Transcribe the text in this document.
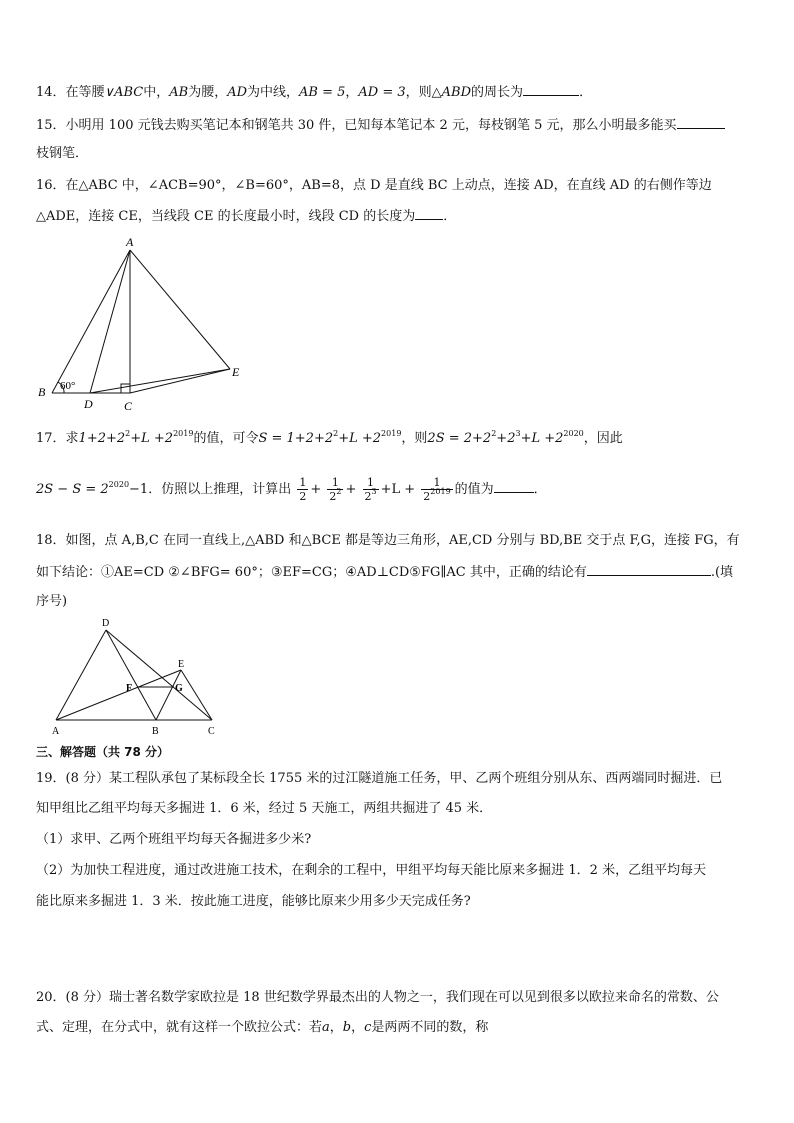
14．在等腰∨ABC中，AB为腰，AD为中线，AB = 5，AD = 3，则△ABD的周长为	．
15．小明用 100 元钱去购买笔记本和钢笔共 30 件，已知每本笔记本 2 元，每枝钢笔 5 元，那么小明最多能买
枝钢笔．
16．在△ABC 中，∠ACB=90°，∠B=60°，AB=8，点 D 是直线 BC 上动点，连接 AD，在直线 AD 的右侧作等边
△ADE，连接 CE，当线段 CE 的长度最小时，线段 CD 的长度为 ．
A
B
C
D
E
60°
17．求$1+2+2^2+L +2^{2019}$的值，可令$S = 1+2+2^2+L +2^{2019}$，则$2S = 2+2^2+2^3+L +2^{2020}$，因此
$2S - S = 2^{2020}-1$．仿照以上推理，计算出 $\frac{1}{2} + \frac{1}{2^2} + \frac{1}{2^3} +L + \frac{1}{2^{2019}}$ 的值为	．
18．如图，点 A,B,C 在同一直线上,△ABD 和△BCE 都是等边三角形，AE,CD 分别与 BD,BE 交于点 F,G，连接 FG，有
如下结论：①AE=CD ②∠BFG= 60°；③EF=CG；④AD⊥CD⑤FG∥AC 其中，正确的结论有	.(填
序号)
D
E
F	G
A	B	C
三、解答题（共 78 分）
19．(8 分）某工程队承包了某标段全长 1755 米的过江隧道施工任务，甲、乙两个班组分别从东、西两端同时掘进．已
知甲组比乙组平均每天多掘进 1．6 米，经过 5 天施工，两组共掘进了 45 米．
（1）求甲、乙两个班组平均每天各掘进多少米?
（2）为加快工程进度，通过改进施工技术，在剩余的工程中，甲组平均每天能比原来多掘进 1．2 米，乙组平均每天
能比原来多掘进 1．3 米．按此施工进度，能够比原来少用多少天完成任务?
20．(8 分）瑞士著名数学家欧拉是 18 世纪数学界最杰出的人物之一，我们现在可以见到很多以欧拉来命名的常数、公
式、定理，在分式中，就有这样一个欧拉公式：若a，b，c是两两不同的数，称
